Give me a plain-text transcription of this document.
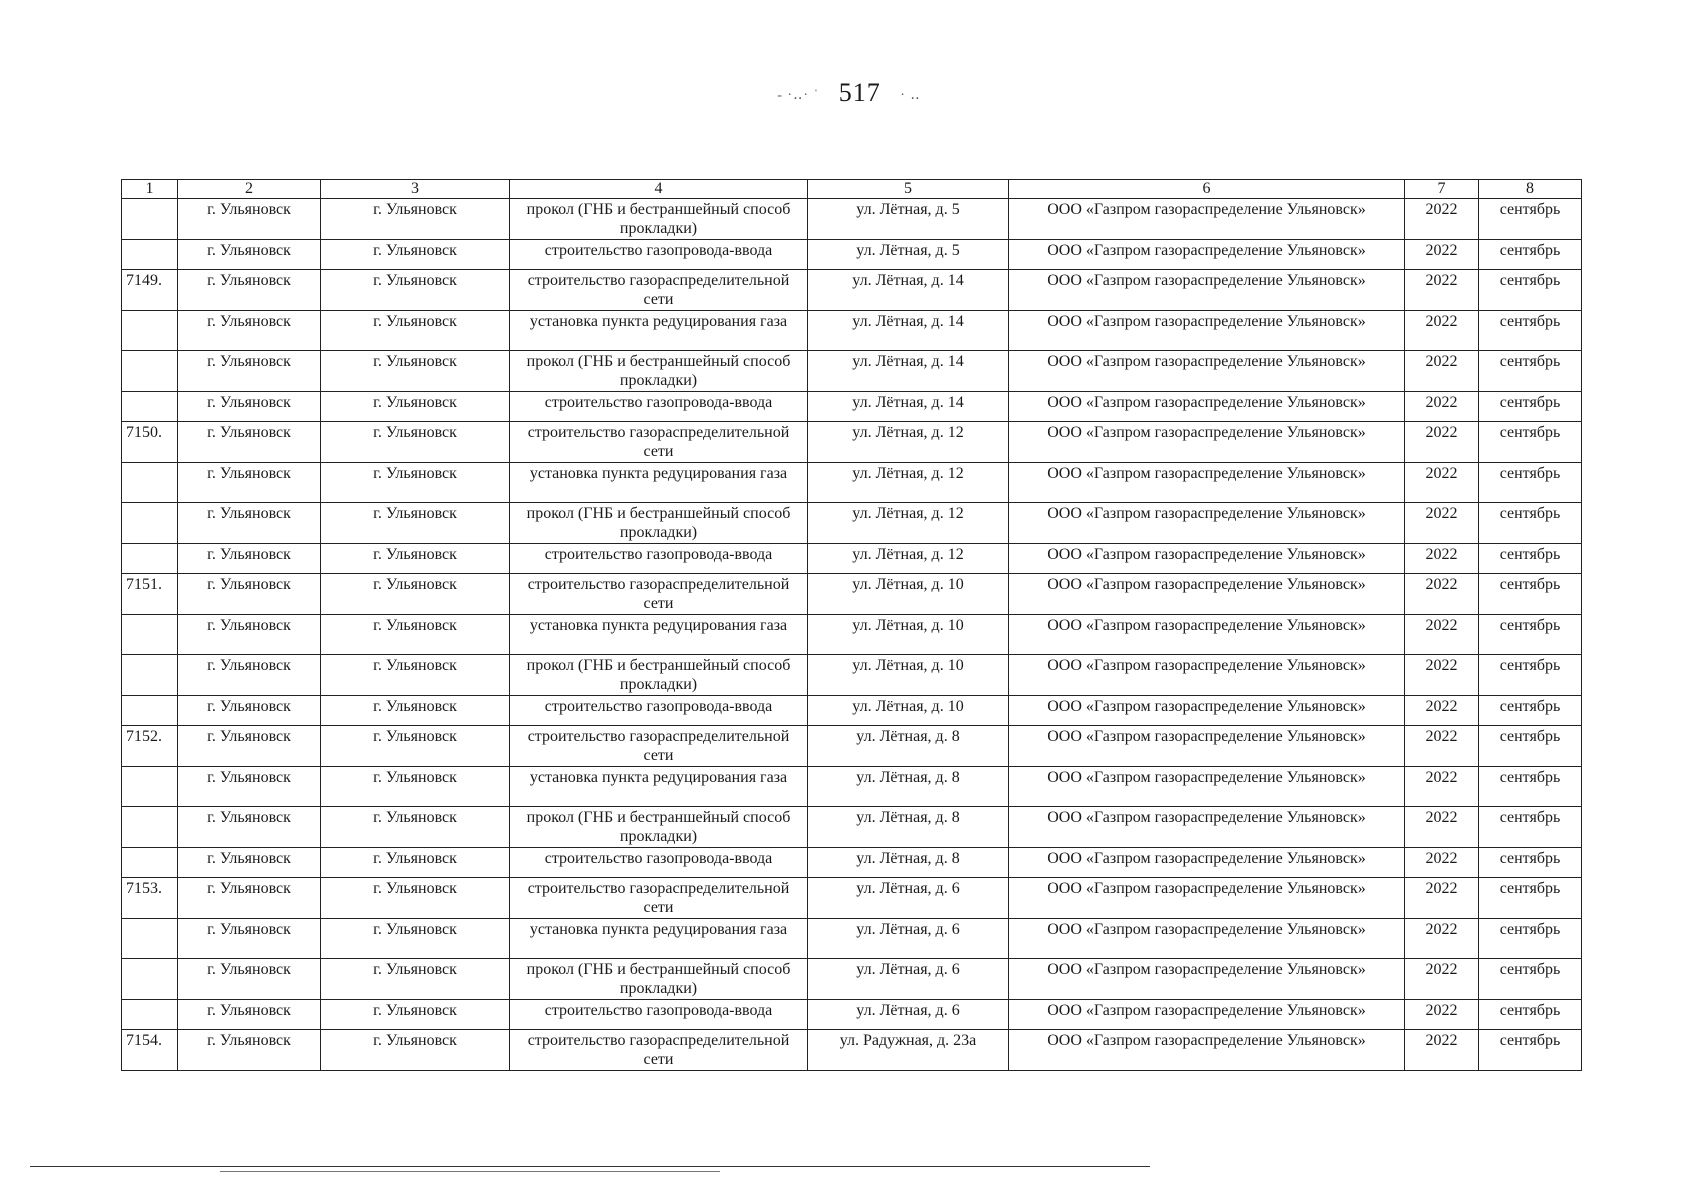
‐ ·‥· ˈ 517 · ‥
1	2	3	4	5	6	7	8
	г. Ульяновск	г. Ульяновск	прокол (ГНБ и бестраншейный способ прокладки)	ул. Лётная, д. 5	ООО «Газпром газораспределение Ульяновск»	2022	сентябрь
	г. Ульяновск	г. Ульяновск	строительство газопровода-ввода	ул. Лётная, д. 5	ООО «Газпром газораспределение Ульяновск»	2022	сентябрь
7149.	г. Ульяновск	г. Ульяновск	строительство газораспределительной сети	ул. Лётная, д. 14	ООО «Газпром газораспределение Ульяновск»	2022	сентябрь
	г. Ульяновск	г. Ульяновск	установка пункта редуцирования газа	ул. Лётная, д. 14	ООО «Газпром газораспределение Ульяновск»	2022	сентябрь
	г. Ульяновск	г. Ульяновск	прокол (ГНБ и бестраншейный способ прокладки)	ул. Лётная, д. 14	ООО «Газпром газораспределение Ульяновск»	2022	сентябрь
	г. Ульяновск	г. Ульяновск	строительство газопровода-ввода	ул. Лётная, д. 14	ООО «Газпром газораспределение Ульяновск»	2022	сентябрь
7150.	г. Ульяновск	г. Ульяновск	строительство газораспределительной сети	ул. Лётная, д. 12	ООО «Газпром газораспределение Ульяновск»	2022	сентябрь
	г. Ульяновск	г. Ульяновск	установка пункта редуцирования газа	ул. Лётная, д. 12	ООО «Газпром газораспределение Ульяновск»	2022	сентябрь
	г. Ульяновск	г. Ульяновск	прокол (ГНБ и бестраншейный способ прокладки)	ул. Лётная, д. 12	ООО «Газпром газораспределение Ульяновск»	2022	сентябрь
	г. Ульяновск	г. Ульяновск	строительство газопровода-ввода	ул. Лётная, д. 12	ООО «Газпром газораспределение Ульяновск»	2022	сентябрь
7151.	г. Ульяновск	г. Ульяновск	строительство газораспределительной сети	ул. Лётная, д. 10	ООО «Газпром газораспределение Ульяновск»	2022	сентябрь
	г. Ульяновск	г. Ульяновск	установка пункта редуцирования газа	ул. Лётная, д. 10	ООО «Газпром газораспределение Ульяновск»	2022	сентябрь
	г. Ульяновск	г. Ульяновск	прокол (ГНБ и бестраншейный способ прокладки)	ул. Лётная, д. 10	ООО «Газпром газораспределение Ульяновск»	2022	сентябрь
	г. Ульяновск	г. Ульяновск	строительство газопровода-ввода	ул. Лётная, д. 10	ООО «Газпром газораспределение Ульяновск»	2022	сентябрь
7152.	г. Ульяновск	г. Ульяновск	строительство газораспределительной сети	ул. Лётная, д. 8	ООО «Газпром газораспределение Ульяновск»	2022	сентябрь
	г. Ульяновск	г. Ульяновск	установка пункта редуцирования газа	ул. Лётная, д. 8	ООО «Газпром газораспределение Ульяновск»	2022	сентябрь
	г. Ульяновск	г. Ульяновск	прокол (ГНБ и бестраншейный способ прокладки)	ул. Лётная, д. 8	ООО «Газпром газораспределение Ульяновск»	2022	сентябрь
	г. Ульяновск	г. Ульяновск	строительство газопровода-ввода	ул. Лётная, д. 8	ООО «Газпром газораспределение Ульяновск»	2022	сентябрь
7153.	г. Ульяновск	г. Ульяновск	строительство газораспределительной сети	ул. Лётная, д. 6	ООО «Газпром газораспределение Ульяновск»	2022	сентябрь
	г. Ульяновск	г. Ульяновск	установка пункта редуцирования газа	ул. Лётная, д. 6	ООО «Газпром газораспределение Ульяновск»	2022	сентябрь
	г. Ульяновск	г. Ульяновск	прокол (ГНБ и бестраншейный способ прокладки)	ул. Лётная, д. 6	ООО «Газпром газораспределение Ульяновск»	2022	сентябрь
	г. Ульяновск	г. Ульяновск	строительство газопровода-ввода	ул. Лётная, д. 6	ООО «Газпром газораспределение Ульяновск»	2022	сентябрь
7154.	г. Ульяновск	г. Ульяновск	строительство газораспределительной сети	ул. Радужная, д. 23а	ООО «Газпром газораспределение Ульяновск»	2022	сентябрь
